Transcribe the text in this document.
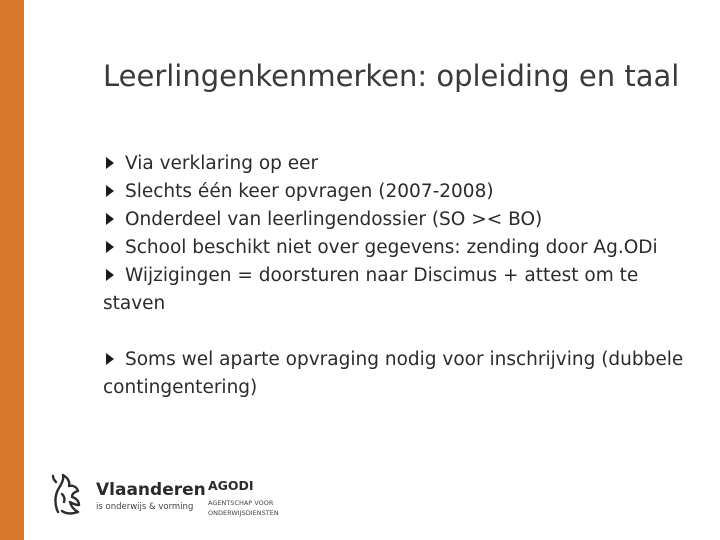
Leerlingenkenmerken: opleiding en taal

Via verklaring op eer

Slechts één keer opvragen (2007-2008)

Onderdeel van leerlingendossier (SO >< BO)

School beschikt niet over gegevens: zending door Ag.ODi

Wijzigingen = doorsturen naar Discimus + attest om te staven

Soms wel aparte opvraging nodig voor inschrijving (dubbele contingentering)

Vlaanderen
is onderwijs & vorming
AGODI
AGENTSCHAP VOOR ONDERWIJSDIENSTEN
